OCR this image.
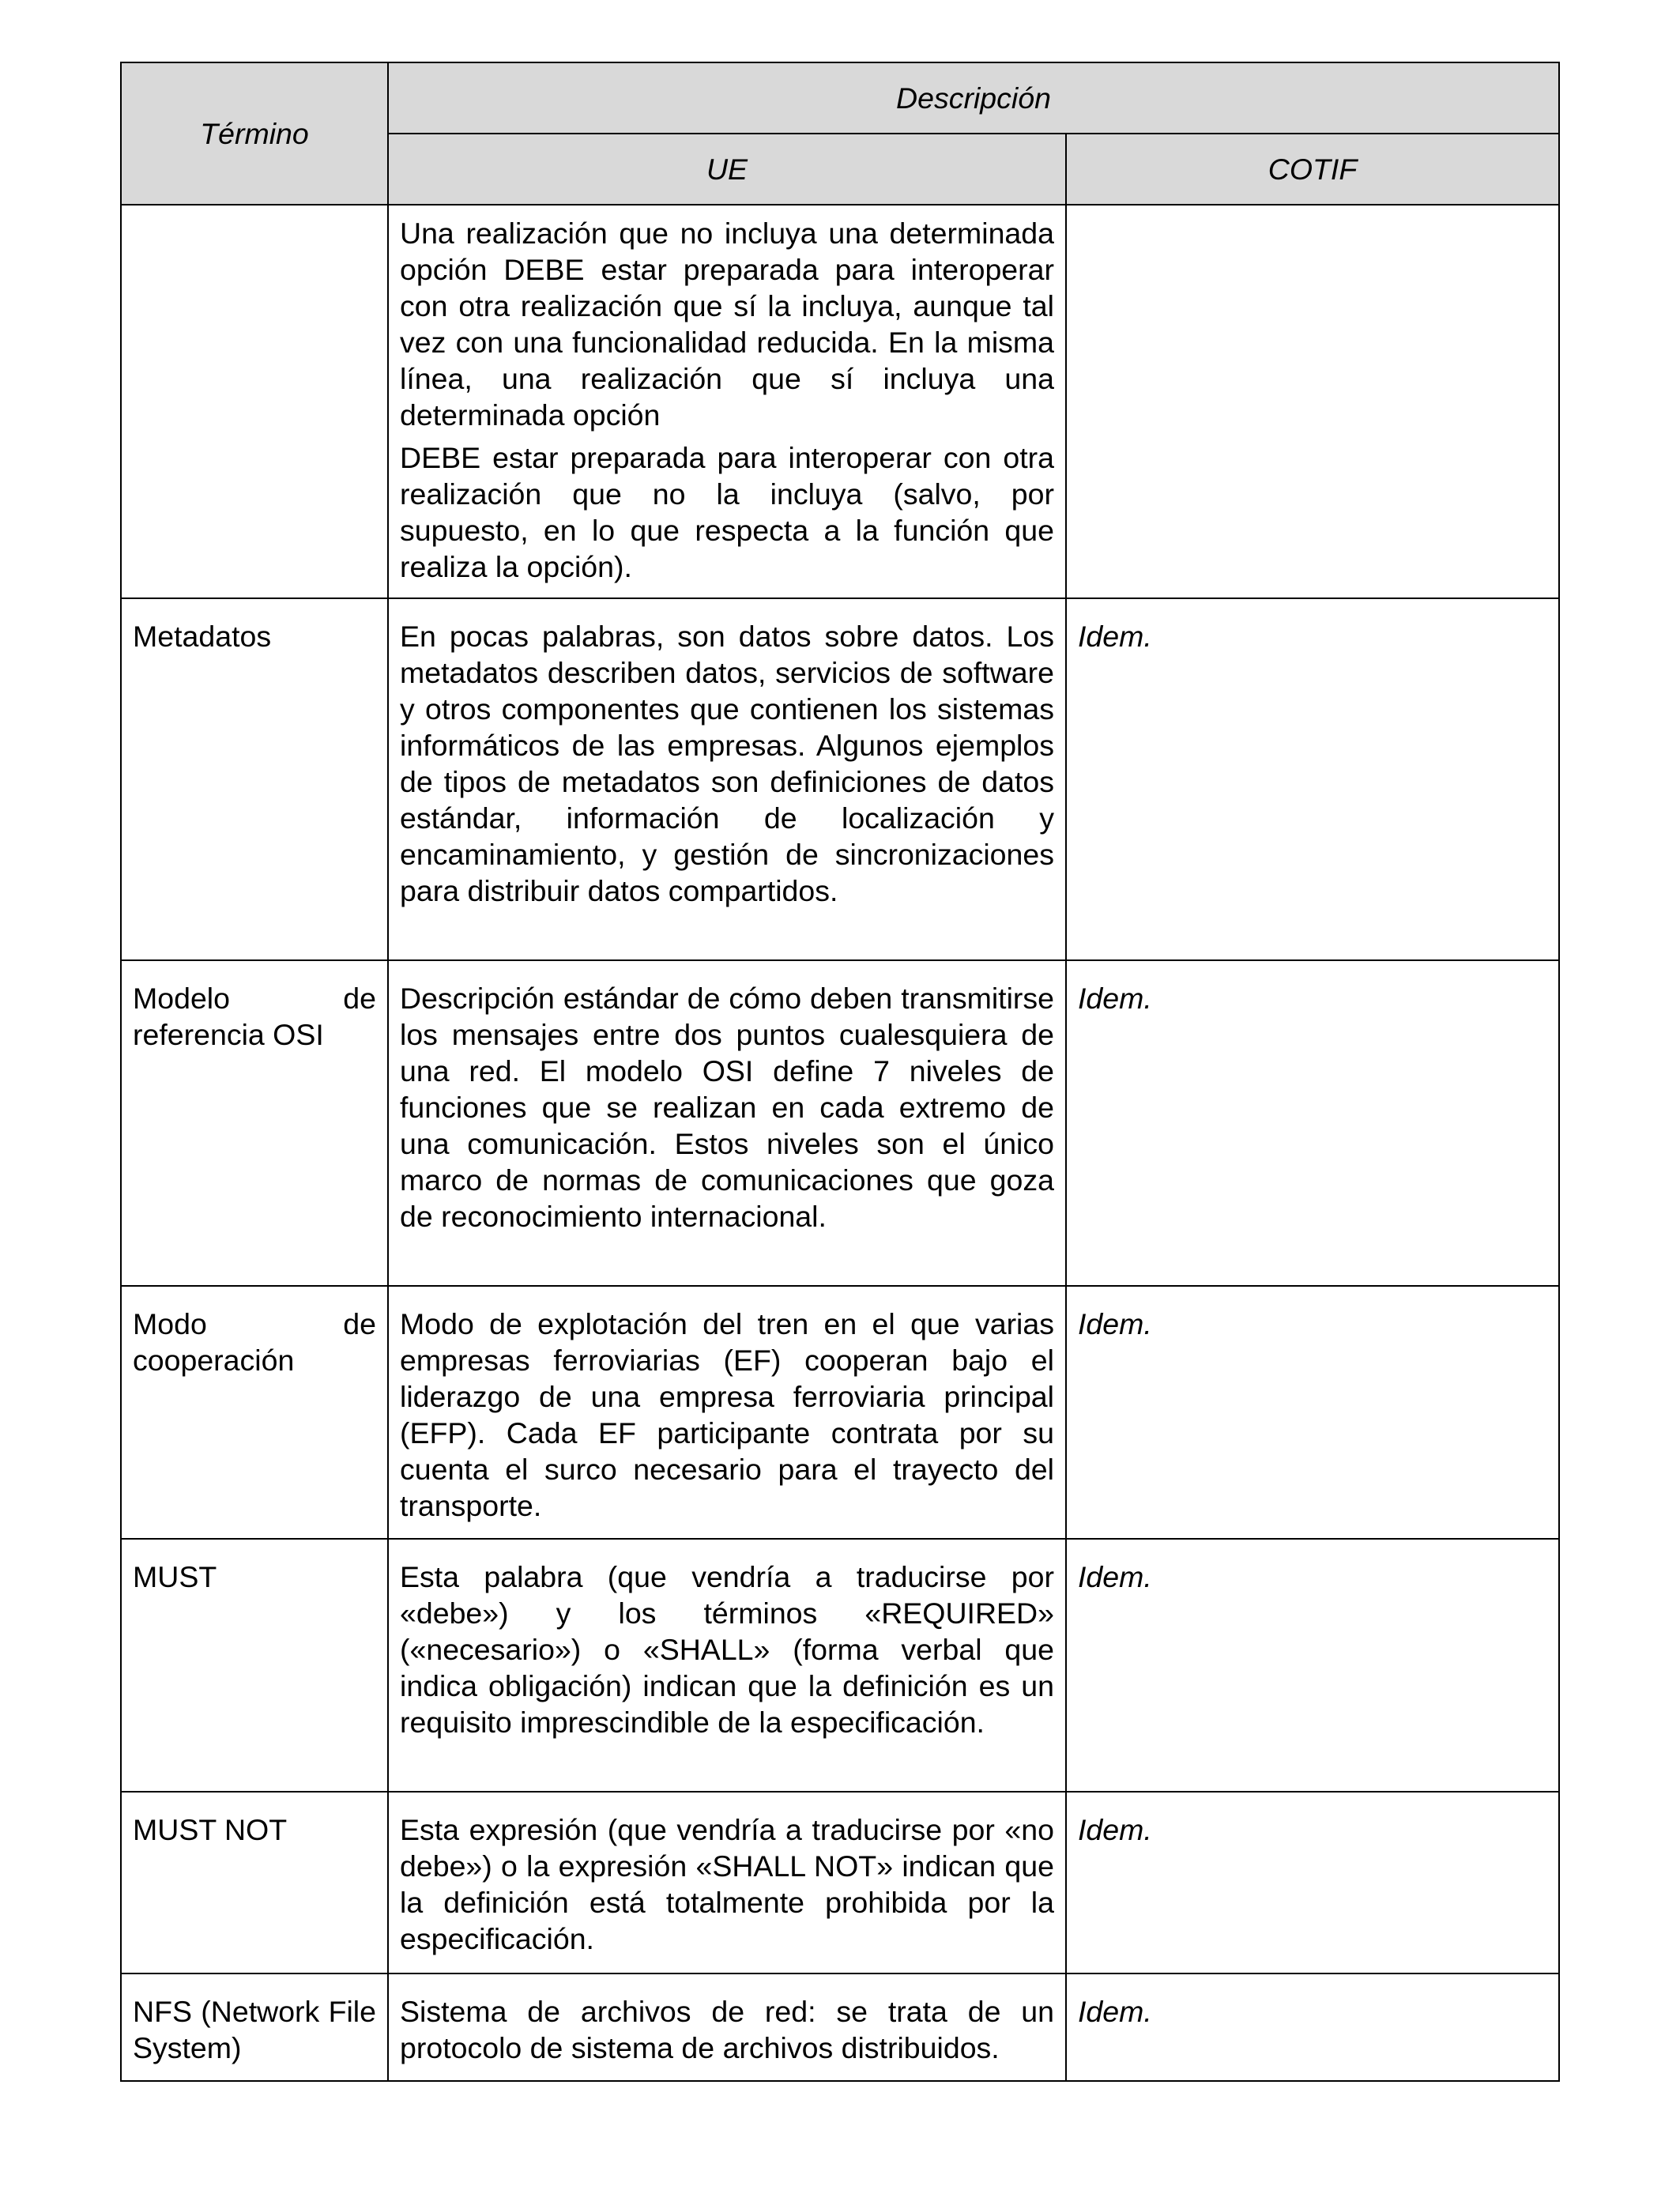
Término	Descripción	
	UE	COTIF

	Una realización que no incluya una determinada opción DEBE estar preparada para interoperar con otra realización que sí la incluya, aunque tal vez con una funcionalidad reducida. En la misma línea, una realización que sí incluya una determinada opción

DEBE estar preparada para interoperar con otra realización que no la incluya (salvo, por supuesto, en lo que respecta a la función que realiza la opción).	

Metadatos	En pocas palabras, son datos sobre datos. Los metadatos describen datos, servicios de software y otros componentes que contienen los sistemas informáticos de las empresas. Algunos ejemplos de tipos de metadatos son definiciones de datos estándar, información de localización y encaminamiento, y gestión de sincronizaciones para distribuir datos compartidos.	Idem.
Modelo de referencia OSI	Descripción estándar de cómo deben transmitirse los mensajes entre dos puntos cualesquiera de una red. El modelo OSI define 7 niveles de funciones que se realizan en cada extremo de una comunicación. Estos niveles son el único marco de normas de comunicaciones que goza de reconocimiento internacional.	Idem.
Modo de cooperación	Modo de explotación del tren en el que varias empresas ferroviarias (EF) cooperan bajo el liderazgo de una empresa ferroviaria principal (EFP). Cada EF participante contrata por su cuenta el surco necesario para el trayecto del transporte.	Idem.
MUST	Esta palabra (que vendría a traducirse por «debe») y los términos «REQUIRED» («necesario») o «SHALL» (forma verbal que indica obligación) indican que la definición es un requisito imprescindible de la especificación.	Idem.
MUST NOT	Esta expresión (que vendría a traducirse por «no debe») o la expresión «SHALL NOT» indican que la definición está totalmente prohibida por la especificación.	Idem.
NFS (Network File System)	Sistema de archivos de red: se trata de un protocolo de sistema de archivos distribuidos.	Idem.
